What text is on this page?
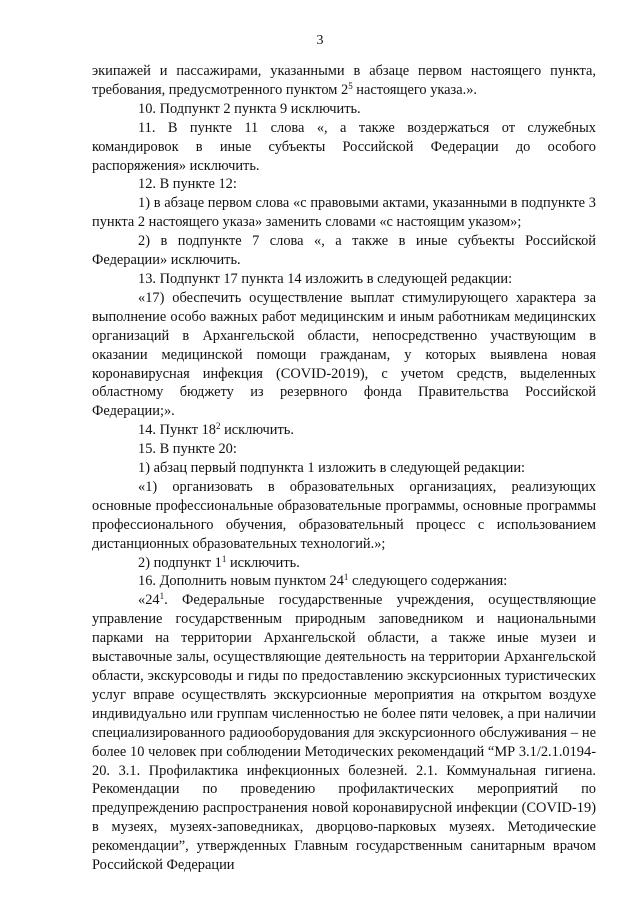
3

экипажей и пассажирами, указанными в абзаце первом настоящего пункта, требования, предусмотренного пунктом $2^5$ настоящего указа.».

10. Подпункт 2 пункта 9 исключить.

11. В пункте 11 слова «, а также воздержаться от служебных командировок в иные субъекты Российской Федерации до особого распоряжения» исключить.

12. В пункте 12:

1) в абзаце первом слова «с правовыми актами, указанными в подпункте 3 пункта 2 настоящего указа» заменить словами «с настоящим указом»;

2) в подпункте 7 слова «, а также в иные субъекты Российской Федерации» исключить.

13. Подпункт 17 пункта 14 изложить в следующей редакции:

«17) обеспечить осуществление выплат стимулирующего характера за выполнение особо важных работ медицинским и иным работникам медицинских организаций в Архангельской области, непосредственно участвующим в оказании медицинской помощи гражданам, у которых выявлена новая коронавирусная инфекция (COVID-2019), с учетом средств, выделенных областному бюджету из резервного фонда Правительства Российской Федерации;».

14. Пункт $18^2$ исключить.

15. В пункте 20:

1) абзац первый подпункта 1 изложить в следующей редакции:

«1) организовать в образовательных организациях, реализующих основные профессиональные образовательные программы, основные программы профессионального обучения, образовательный процесс с использованием дистанционных образовательных технологий.»;

2) подпункт $1^1$ исключить.

16. Дополнить новым пунктом $24^1$ следующего содержания:

«$24^1$. Федеральные государственные учреждения, осуществляющие управление государственным природным заповедником и национальными парками на территории Архангельской области, а также иные музеи и выставочные залы, осуществляющие деятельность на территории Архангельской области, экскурсоводы и гиды по предоставлению экскурсионных туристических услуг вправе осуществлять экскурсионные мероприятия на открытом воздухе индивидуально или группам численностью не более пяти человек, а при наличии специализированного радиооборудования для экскурсионного обслуживания – не более 10 человек при соблюдении Методических рекомендаций “МР 3.1/2.1.0194-20. 3.1. Профилактика инфекционных болезней. 2.1. Коммунальная гигиена. Рекомендации по проведению профилактических мероприятий по предупреждению распространения новой коронавирусной инфекции (COVID-19) в музеях, музеях-заповедниках, дворцово-парковых музеях. Методические рекомендации”, утвержденных Главным государственным санитарным врачом Российской Федерации
